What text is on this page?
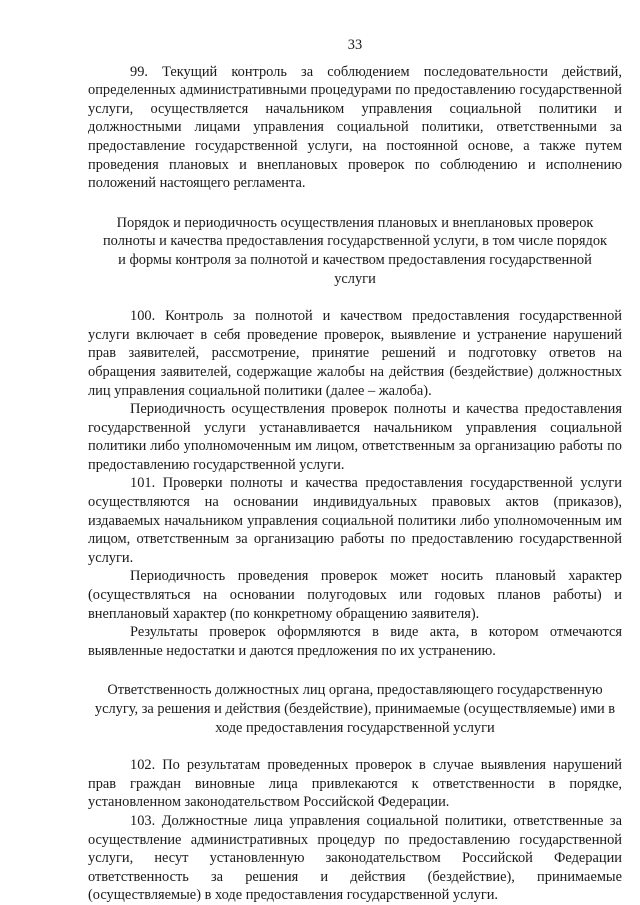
33

99. Текущий контроль за соблюдением последовательности действий, определенных административными процедурами по предоставлению государственной услуги, осуществляется начальником управления социальной политики и должностными лицами управления социальной политики, ответственными за предоставление государственной услуги, на постоянной основе, а также путем проведения плановых и внеплановых проверок по соблюдению и исполнению положений настоящего регламента.

Порядок и периодичность осуществления плановых и внеплановых проверок полноты и качества предоставления государственной услуги, в том числе порядок и формы контроля за полнотой и качеством предоставления государственной услуги

100. Контроль за полнотой и качеством предоставления государственной услуги включает в себя проведение проверок, выявление и устранение нарушений прав заявителей, рассмотрение, принятие решений и подготовку ответов на обращения заявителей, содержащие жалобы на действия (бездействие) должностных лиц управления социальной политики (далее – жалоба).

Периодичность осуществления проверок полноты и качества предоставления государственной услуги устанавливается начальником управления социальной политики либо уполномоченным им лицом, ответственным за организацию работы по предоставлению государственной услуги.

101. Проверки полноты и качества предоставления государственной услуги осуществляются на основании индивидуальных правовых актов (приказов), издаваемых начальником управления социальной политики либо уполномоченным им лицом, ответственным за организацию работы по предоставлению государственной услуги.

Периодичность проведения проверок может носить плановый характер (осуществляться на основании полугодовых или годовых планов работы) и внеплановый характер (по конкретному обращению заявителя).

Результаты проверок оформляются в виде акта, в котором отмечаются выявленные недостатки и даются предложения по их устранению.

Ответственность должностных лиц органа, предоставляющего государственную услугу, за решения и действия (бездействие), принимаемые (осуществляемые) ими в ходе предоставления государственной услуги

102. По результатам проведенных проверок в случае выявления нарушений прав граждан виновные лица привлекаются к ответственности в порядке, установленном законодательством Российской Федерации.

103. Должностные лица управления социальной политики, ответственные за осуществление административных процедур по предоставлению государственной услуги, несут установленную законодательством Российской Федерации ответственность за решения и действия (бездействие), принимаемые (осуществляемые) в ходе предоставления государственной услуги.
